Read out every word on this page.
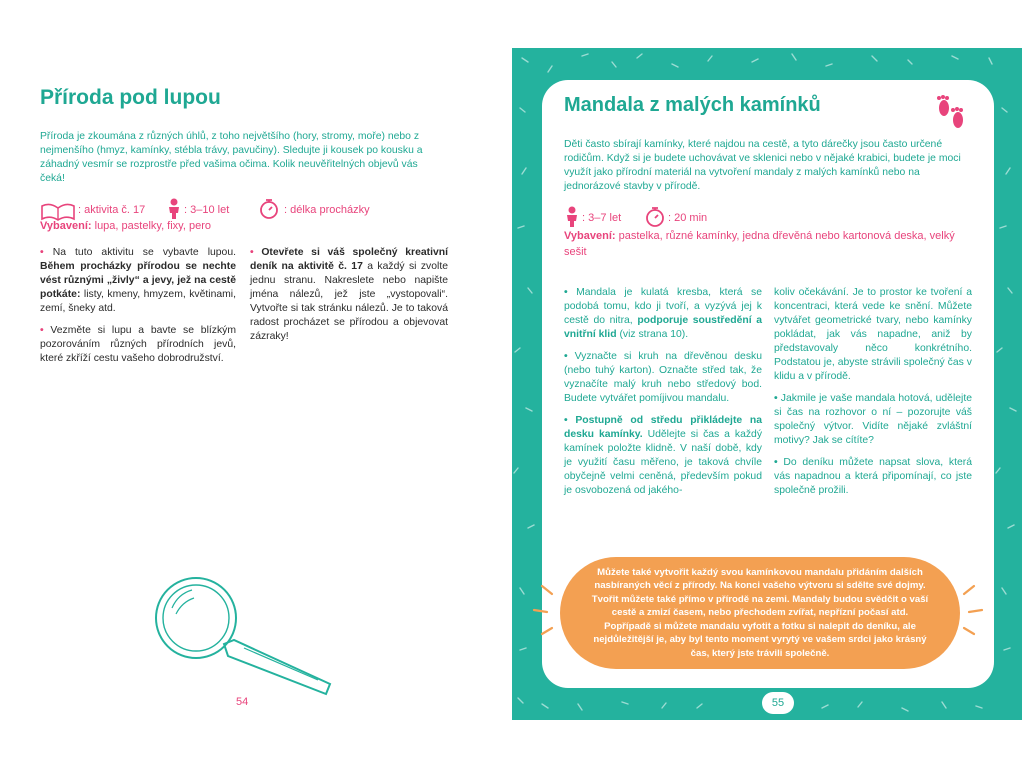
Příroda pod lupou
Příroda je zkoumána z různých úhlů, z toho největšího (hory, stromy, moře) nebo z nejmenšího (hmyz, kamínky, stébla trávy, pavučiny). Sledujte ji kousek po kousku a záhadný vesmír se rozprostře před vašima očima. Kolik neuvěřitelných objevů vás čeká!
: aktivita č. 17	: 3–10 let	: délka procházky
Vybavení: lupa, pastelky, fixy, pero

• Na tuto aktivitu se vybavte lupou. Během procházky přírodou se nechte vést různými „živly“ a jevy, jež na cestě potkáte: listy, kmeny, hmyzem, květinami, zemí, šneky atd.

• Vezměte si lupu a bavte se blízkým pozorováním různých přírodních jevů, které zkříží cestu vašeho dobrodružství.

• Otevřete si váš společný kreativní deník na aktivitě č. 17 a každý si zvolte jednu stranu. Nakreslete nebo napište jména nálezů, jež jste „vystopovali“. Vytvořte si tak stránku nálezů. Je to taková radost procházet se přírodou a objevovat zázraky!

54
Mandala z malých kamínků
Děti často sbírají kamínky, které najdou na cestě, a tyto dárečky jsou často určené rodičům. Když si je budete uchovávat ve sklenici nebo v nějaké krabici, budete je moci využít jako přírodní materiál na vytvoření mandaly z malých kamínků nebo na jednorázové stavby v přírodě.
: 3–7 let	: 20 min
Vybavení: pastelka, různé kamínky, jedna dřevěná nebo kartonová deska, velký sešit

• Mandala je kulatá kresba, která se podobá tomu, kdo ji tvoří, a vyzývá jej k cestě do nitra, podporuje soustředění a vnitřní klid (viz strana 10).

• Vyznačte si kruh na dřevěnou desku (nebo tuhý karton). Označte střed tak, že vyznačíte malý kruh nebo středový bod. Budete vytvářet pomíjivou mandalu.

• Postupně od středu přikládejte na desku kamínky. Udělejte si čas a každý kamínek položte klidně. V naší době, kdy je využití času měřeno, je taková chvíle obyčejně velmi ceněná, především pokud je osvobozená od jakého-

koliv očekávání. Je to prostor ke tvoření a koncentraci, která vede ke snění. Můžete vytvářet geometrické tvary, nebo kamínky pokládat, jak vás napadne, aniž by představovaly něco konkrétního. Podstatou je, abyste strávili společný čas v klidu a v přírodě.

• Jakmile je vaše mandala hotová, udělejte si čas na rozhovor o ní – pozorujte váš společný výtvor. Vidíte nějaké zvláštní motivy? Jak se cítíte?

• Do deníku můžete napsat slova, která vás napadnou a která připomínají, co jste společně prožili.

Můžete také vytvořit každý svou kamínkovou mandalu přidáním dalších nasbíraných věcí z přírody. Na konci vašeho výtvoru si sdělte své dojmy. Tvořit můžete také přímo v přírodě na zemi. Mandaly budou svědčit o vaší cestě a zmizí časem, nebo přechodem zvířat, nepřízní počasí atd. Popřípadě si můžete mandalu vyfotit a fotku si nalepit do deníku, ale nejdůležitější je, aby byl tento moment vyrytý ve vašem srdci jako krásný čas, který jste trávili společně.
55
